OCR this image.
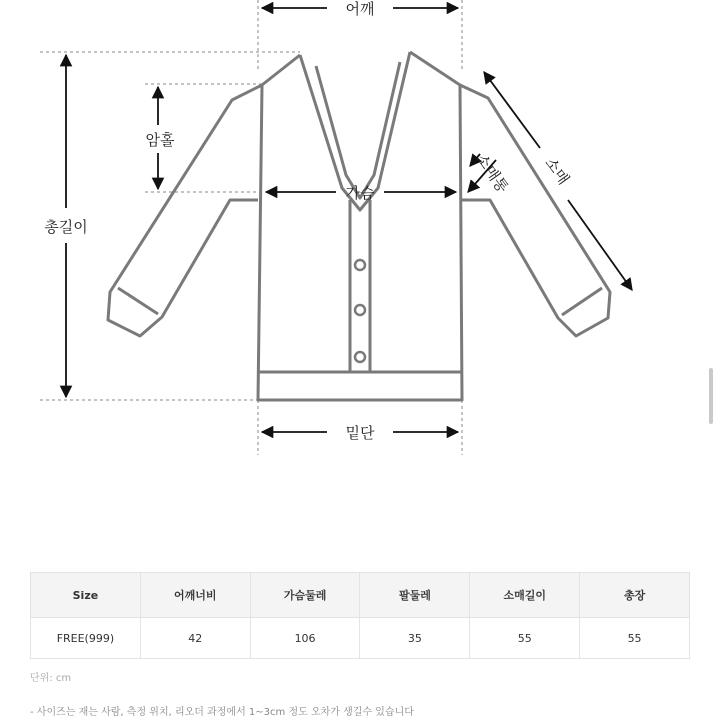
어깨
암홀
총길이
가슴	소매통 소매
밑단
Size	어깨너비	가슴둘레	팔둘레	소매길이	총장
FREE(999)	42	106	35	55	55
단위: cm
- 사이즈는 재는 사람, 측정 위치, 리오더 과정에서 1~3cm 정도 오차가 생길수 있습니다
